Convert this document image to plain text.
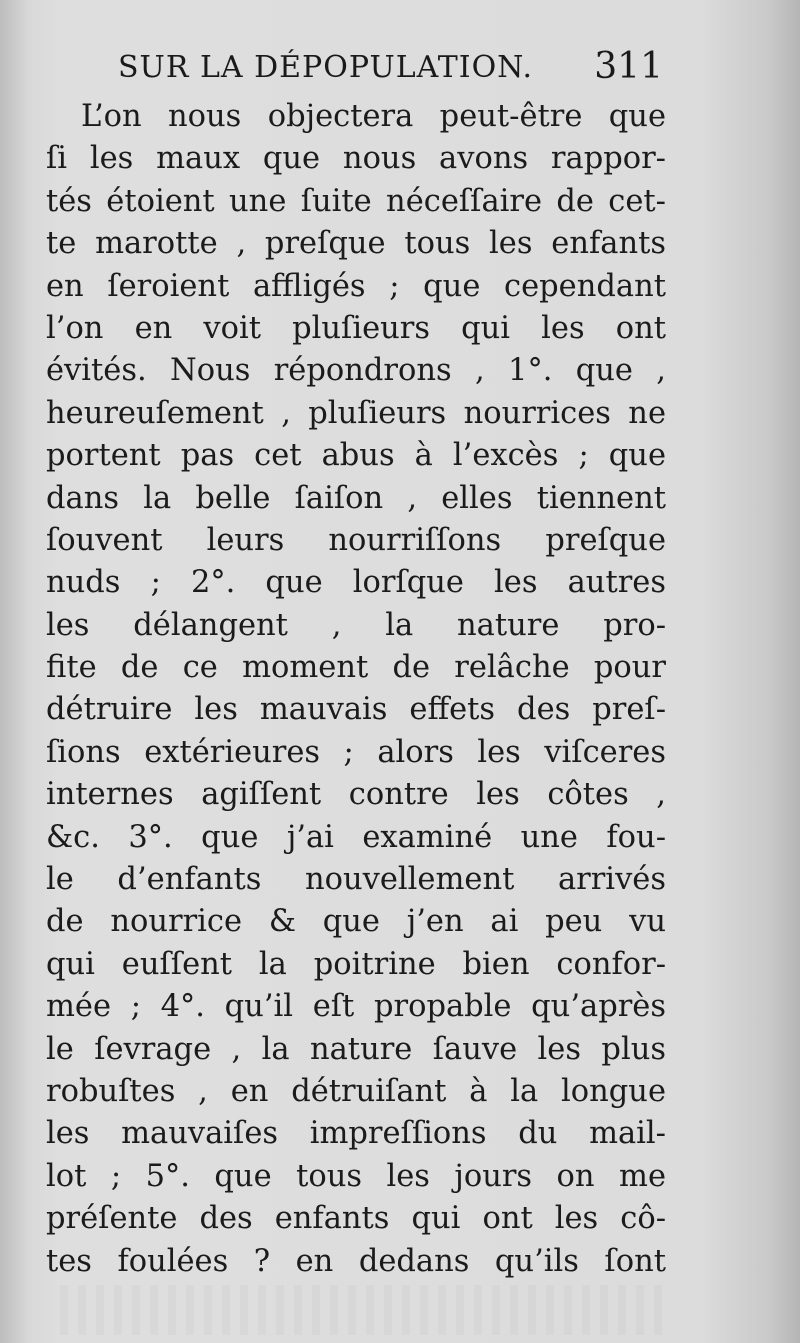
SUR LA DÉPOPULATION. 311
L’on nous objectera peut-être que
ſi les maux que nous avons rappor-
tés étoient une ſuite néceſſaire de cet-
te marotte , preſque tous les enfants
en ſeroient affligés ; que cependant
l’on en voit pluſieurs qui les ont
évités. Nous répondrons , 1°. que ,
heureuſement , pluſieurs nourrices ne
portent pas cet abus à l’excès ; que
dans la belle ſaiſon , elles tiennent
ſouvent leurs nourriſſons preſque
nuds ; 2°. que lorſque les autres
les délangent , la nature pro-
fite de ce moment de relâche pour
détruire les mauvais effets des preſ-
ſions extérieures ; alors les viſceres
internes agiſſent contre les côtes ,
&c. 3°. que j’ai examiné une fou-
le d’enfants nouvellement arrivés
de nourrice & que j’en ai peu vu
qui euſſent la poitrine bien confor-
mée ; 4°. qu’il eſt propable qu’après
le ſevrage , la nature ſauve les plus
robuſtes , en détruiſant à la longue
les mauvaiſes impreſſions du mail-
lot ; 5°. que tous les jours on me
préſente des enfants qui ont les cô-
tes foulées ? en dedans qu’ils ſont
